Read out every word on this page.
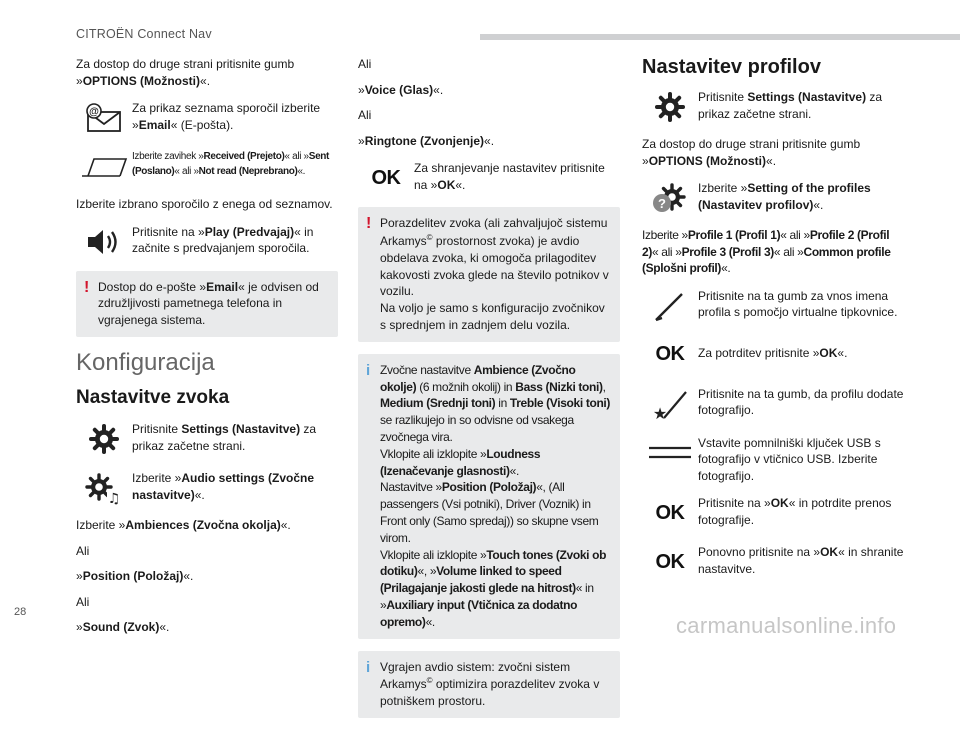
CITROËN Connect Nav

Za dostop do druge strani pritisnite gumb »OPTIONS (Možnosti)«.

@	Za prikaz seznama sporočil izberite »Email« (E-pošta).
Izberite zavihek »Received (Prejeto)« ali »Sent (Poslano)« ali »Not read (Neprebrano)«.

Izberite izbrano sporočilo z enega od seznamov.

Pritisnite na »Play (Predvajaj)« in začnite s predvajanjem sporočila.
! Dostop do e-pošte »Email« je odvisen od združljivosti pametnega telefona in vgrajenega sistema.
Konfiguracija
Nastavitve zvoka
Pritisnite Settings (Nastavitve) za prikaz začetne strani.
♫
Izberite »Audio settings (Zvočne nastavitve)«.

Izberite »Ambiences (Zvočna okolja)«.

Ali

»Position (Položaj)«.

Ali

»Sound (Zvok)«.

Ali

»Voice (Glas)«.

Ali

»Ringtone (Zvonjenje)«.

OK Za shranjevanje nastavitev pritisnite na »OK«.
! Porazdelitev zvoka (ali zahvaljujoč sistemu Arkamys© prostornost zvoka) je avdio obdelava zvoka, ki omogoča prilagoditev kakovosti zvoka glede na število potnikov v vozilu.
Na voljo je samo s konfiguracijo zvočnikov s sprednjem in zadnjem delu vozila.
i Zvočne nastavitve Ambience (Zvočno okolje) (6 možnih okolij) in Bass (Nizki toni), Medium (Srednji toni) in Treble (Visoki toni) se razlikujejo in so odvisne od vsakega zvočnega vira.
Vklopite ali izklopite »Loudness (Izenačevanje glasnosti)«.
Nastavitve »Position (Položaj)«, (All passengers (Vsi potniki), Driver (Voznik) in Front only (Samo spredaj)) so skupne vsem virom.
Vklopite ali izklopite »Touch tones (Zvoki ob dotiku)«, »Volume linked to speed (Prilagajanje jakosti glede na hitrost)« in »Auxiliary input (Vtičnica za dodatno opremo)«.
i Vgrajen avdio sistem: zvočni sistem Arkamys© optimizira porazdelitev zvoka v potniškem prostoru.
Nastavitev profilov
Pritisnite Settings (Nastavitve) za prikaz začetne strani.

Za dostop do druge strani pritisnite gumb »OPTIONS (Možnosti)«.

?
Izberite »Setting of the profiles (Nastavitev profilov)«.

Izberite »Profile 1 (Profil 1)« ali »Profile 2 (Profil 2)« ali »Profile 3 (Profil 3)« ali »Common profile (Splošni profil)«.

Pritisnite na ta gumb za vnos imena profila s pomočjo virtualne tipkovnice.
OK Za potrditev pritisnite »OK«.
★
Pritisnite na ta gumb, da profilu dodate fotografijo.
Vstavite pomnilniški ključek USB s fotografijo v vtičnico USB. Izberite fotografijo.
OK Pritisnite na »OK« in potrdite prenos fotografije.
OK Ponovno pritisnite na »OK« in shranite nastavitve.
28
carmanualsonline.info
